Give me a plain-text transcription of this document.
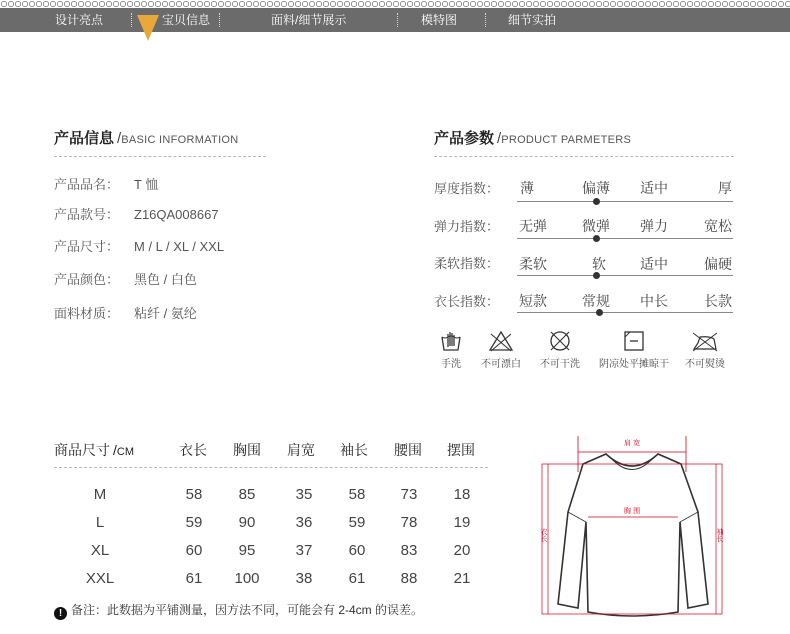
设计亮点	宝贝信息	面料/细节展示	模特图	细节实拍
产品信息 /BASIC INFORMATION
产品品名： T 恤
产品款号： Z16QA008667
产品尺寸： M / L / XL / XXL
产品颜色： 黑色 / 白色
面料材质： 粘纤 / 氨纶
产品参数 /PRODUCT PARMETERS
厚度指数： 薄	偏薄 适中	厚
弹力指数： 无弹	微弹 弹力	宽松
柔软指数： 柔软	软 适中	偏硬
衣长指数： 短款	常规 中长	长款
手洗	不可漂白	不可干洗	阴凉处平摊晾干	不可熨烫
商品尺寸 /CM	衣长 胸围 肩宽 袖长 腰围 摆围
M	58	85	35	58	73	18
L	59	90	36	59	78	19
XL	60	95	37	60	83	20
XXL	61	100	38	61	88	21
! 备注：此数据为平铺测量，因方法不同，可能会有 2-4cm 的误差。
肩 宽
胸 围
衣长	袖长
